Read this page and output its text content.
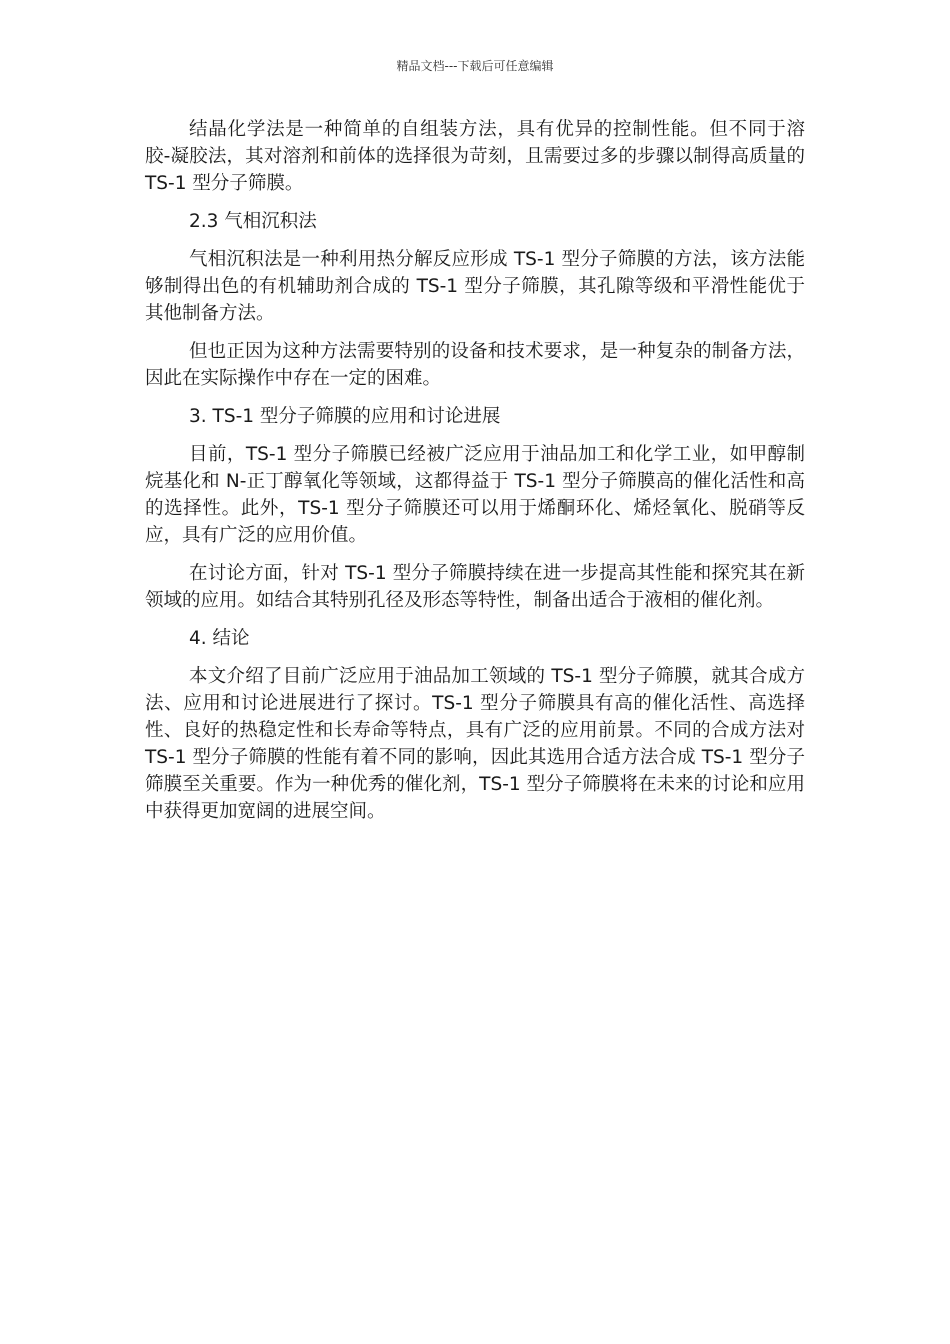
精品文档---下载后可任意编辑

结晶化学法是一种简单的自组装方法，具有优异的控制性能。但不同于溶胶-凝胶法，其对溶剂和前体的选择很为苛刻，且需要过多的步骤以制得高质量的 TS-1 型分子筛膜。

2.3 气相沉积法

气相沉积法是一种利用热分解反应形成 TS-1 型分子筛膜的方法，该方法能够制得出色的有机辅助剂合成的 TS-1 型分子筛膜，其孔隙等级和平滑性能优于其他制备方法。

但也正因为这种方法需要特别的设备和技术要求，是一种复杂的制备方法，因此在实际操作中存在一定的困难。

3. TS-1 型分子筛膜的应用和讨论进展

目前，TS-1 型分子筛膜已经被广泛应用于油品加工和化学工业，如甲醇制烷基化和 N-正丁醇氧化等领域，这都得益于 TS-1 型分子筛膜高的催化活性和高的选择性。此外，TS-1 型分子筛膜还可以用于烯酮环化、烯烃氧化、脱硝等反应，具有广泛的应用价值。

在讨论方面，针对 TS-1 型分子筛膜持续在进一步提高其性能和探究其在新领域的应用。如结合其特别孔径及形态等特性，制备出适合于液相的催化剂。

4. 结论

本文介绍了目前广泛应用于油品加工领域的 TS-1 型分子筛膜，就其合成方法、应用和讨论进展进行了探讨。TS-1 型分子筛膜具有高的催化活性、高选择性、良好的热稳定性和长寿命等特点，具有广泛的应用前景。不同的合成方法对 TS-1 型分子筛膜的性能有着不同的影响，因此其选用合适方法合成 TS-1 型分子筛膜至关重要。作为一种优秀的催化剂，TS-1 型分子筛膜将在未来的讨论和应用中获得更加宽阔的进展空间。
